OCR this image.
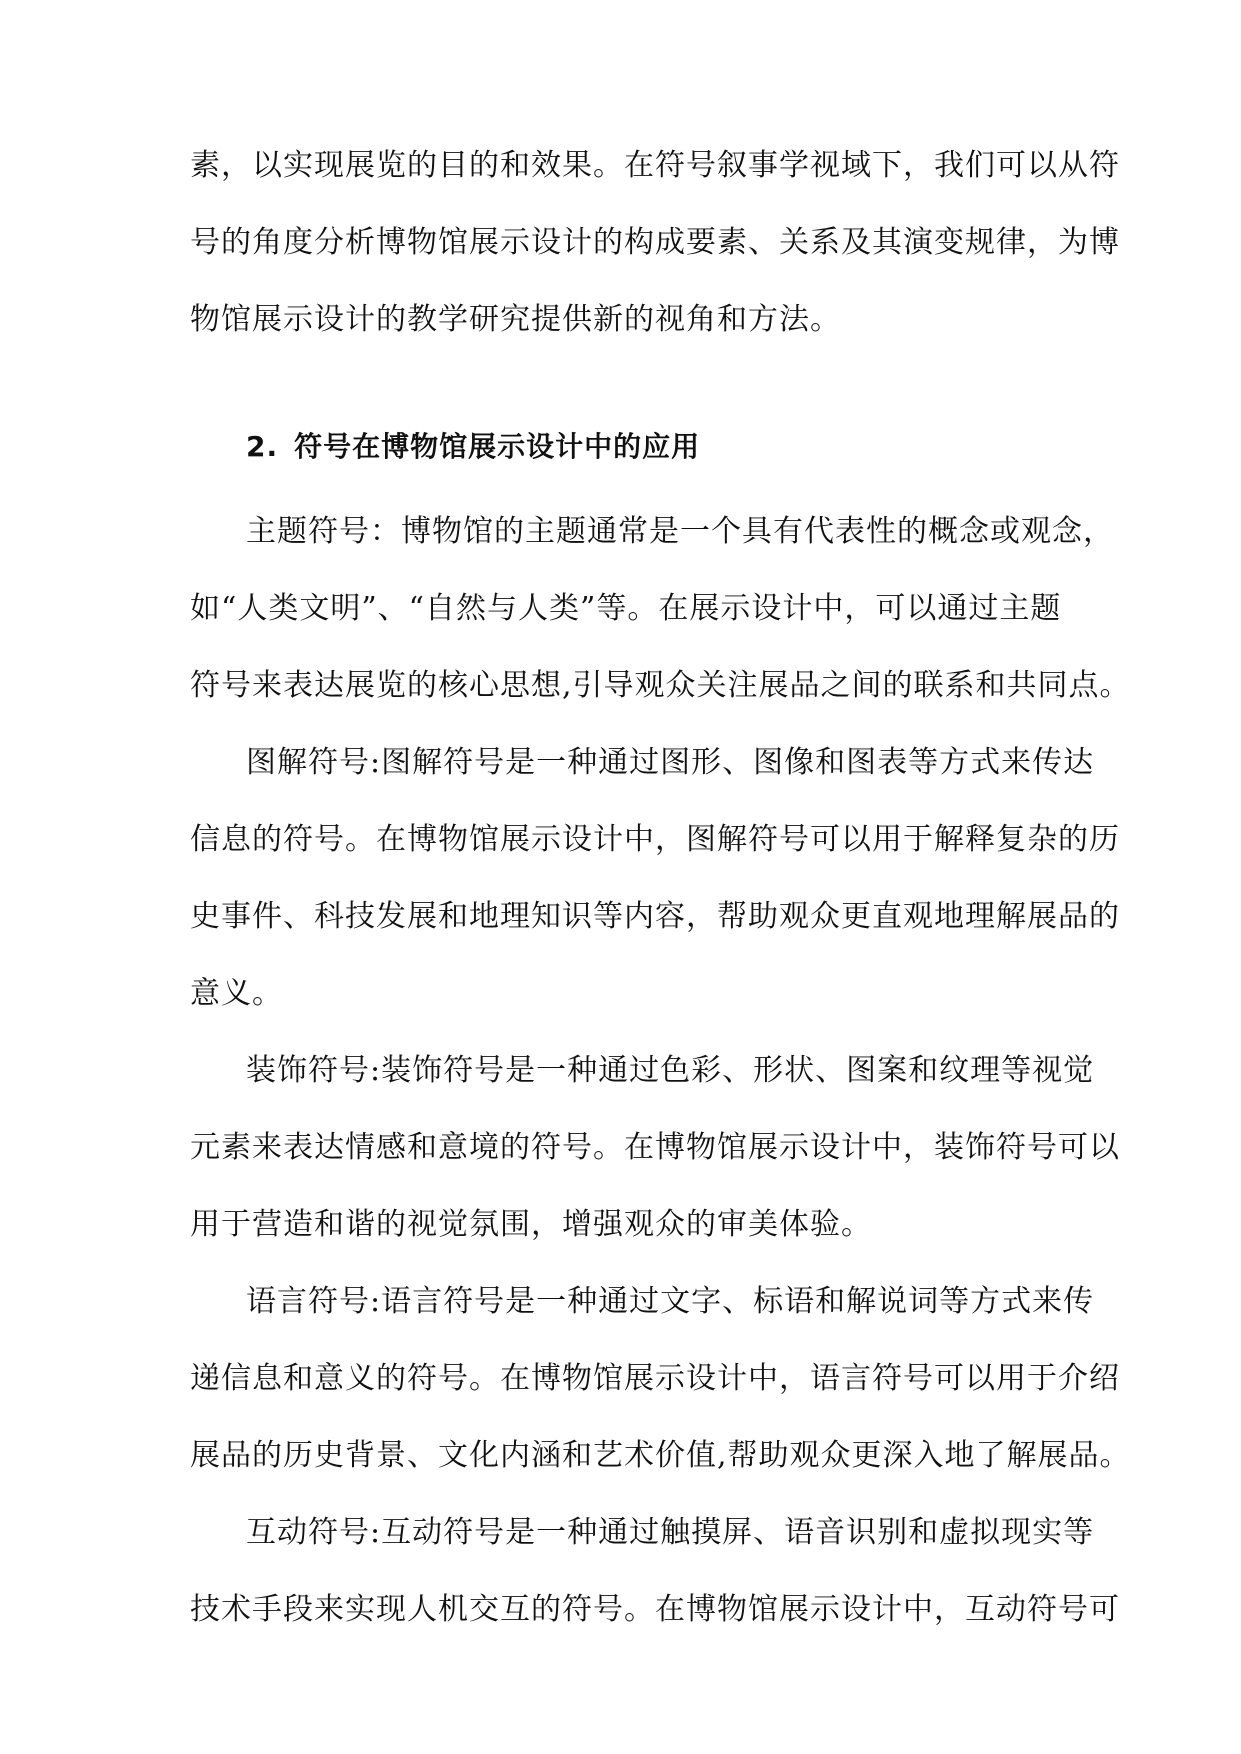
素，以实现展览的目的和效果。在符号叙事学视域下，我们可以从符
号的角度分析博物馆展示设计的构成要素、关系及其演变规律，为博
物馆展示设计的教学研究提供新的视角和方法。
2. 符号在博物馆展示设计中的应用
主题符号：博物馆的主题通常是一个具有代表性的概念或观念，
如“人类文明”、“自然与人类”等。在展示设计中，可以通过主题
符号来表达展览的核心思想,引导观众关注展品之间的联系和共同点。
图解符号:图解符号是一种通过图形、图像和图表等方式来传达
信息的符号。在博物馆展示设计中，图解符号可以用于解释复杂的历
史事件、科技发展和地理知识等内容，帮助观众更直观地理解展品的
意义。
装饰符号:装饰符号是一种通过色彩、形状、图案和纹理等视觉
元素来表达情感和意境的符号。在博物馆展示设计中，装饰符号可以
用于营造和谐的视觉氛围，增强观众的审美体验。
语言符号:语言符号是一种通过文字、标语和解说词等方式来传
递信息和意义的符号。在博物馆展示设计中，语言符号可以用于介绍
展品的历史背景、文化内涵和艺术价值,帮助观众更深入地了解展品。
互动符号:互动符号是一种通过触摸屏、语音识别和虚拟现实等
技术手段来实现人机交互的符号。在博物馆展示设计中，互动符号可
